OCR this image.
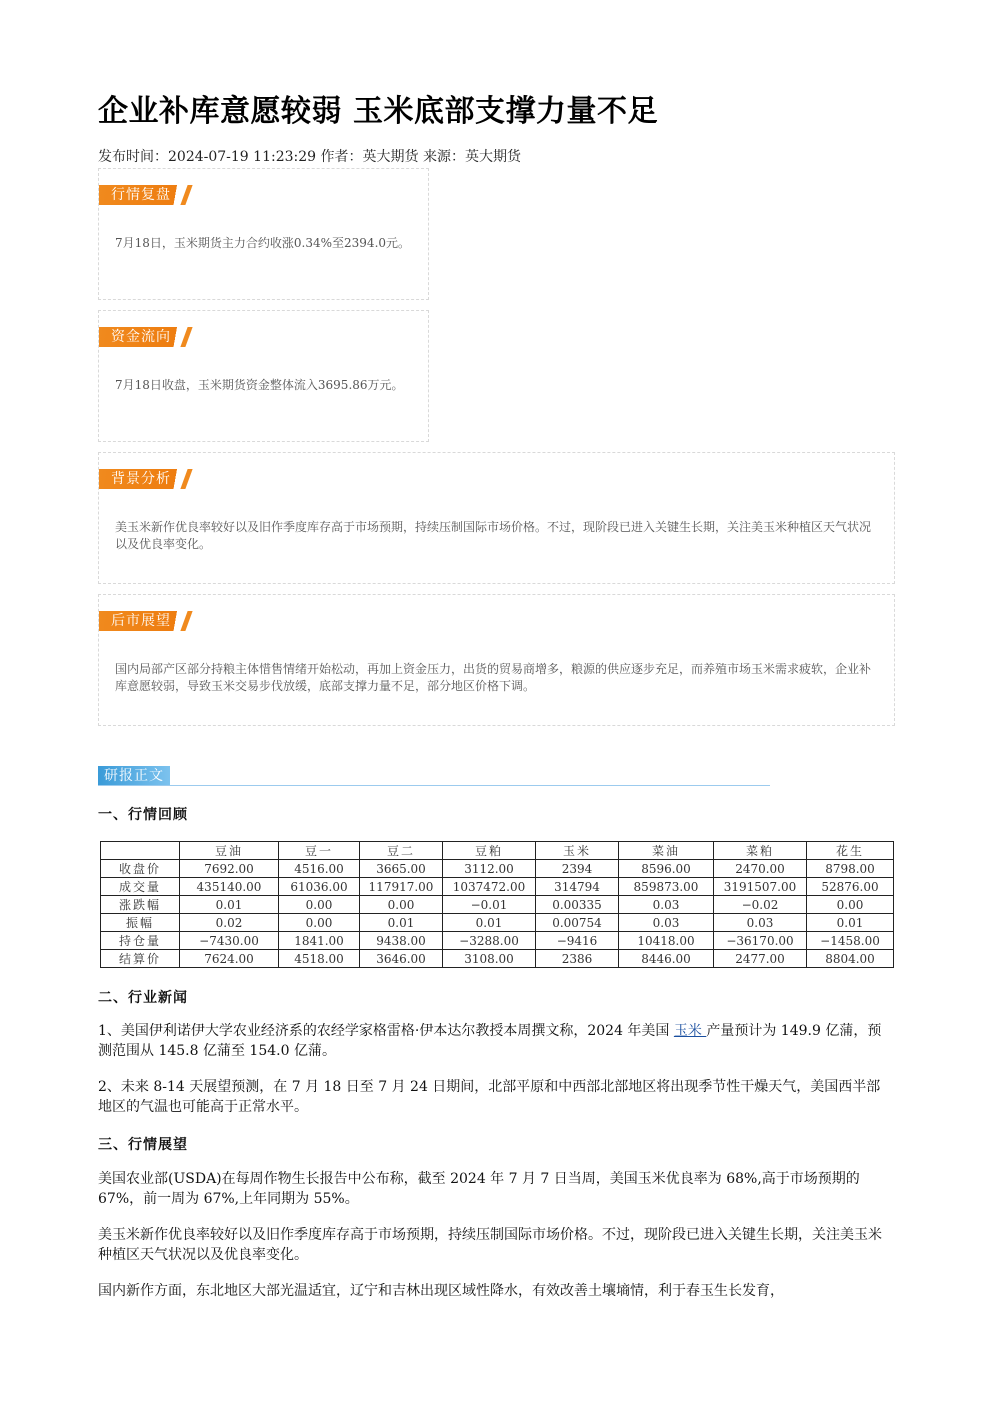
企业补库意愿较弱 玉米底部支撑力量不足
发布时间：2024-07-19 11:23:29 作者：英大期货 来源：英大期货
行情复盘
7月18日，玉米期货主力合约收涨0.34%至2394.0元。
资金流向
7月18日收盘，玉米期货资金整体流入3695.86万元。
背景分析
美玉米新作优良率较好以及旧作季度库存高于市场预期，持续压制国际市场价格。不过，现阶段已进入关键生长期，关注美玉米种植区天气状况以及优良率变化。
后市展望
国内局部产区部分持粮主体惜售情绪开始松动，再加上资金压力，出货的贸易商增多，粮源的供应逐步充足，而养殖市场玉米需求疲软，企业补库意愿较弱，导致玉米交易步伐放缓，底部支撑力量不足，部分地区价格下调。
研报正文
一、行情回顾
	豆油	豆一	豆二	豆粕	玉米	菜油	菜粕	花生
收盘价	7692.00	4516.00	3665.00	3112.00	2394	8596.00	2470.00	8798.00
成交量	435140.00	61036.00	117917.00	1037472.00	314794	859873.00	3191507.00	52876.00
涨跌幅	0.01	0.00	0.00	−0.01	0.00335	0.03	−0.02	0.00
振幅	0.02	0.00	0.01	0.01	0.00754	0.03	0.03	0.01
持仓量	−7430.00	1841.00	9438.00	−3288.00	−9416	10418.00	−36170.00	−1458.00
结算价	7624.00	4518.00	3646.00	3108.00	2386	8446.00	2477.00	8804.00
二、行业新闻
1、美国伊利诺伊大学农业经济系的农经学家格雷格·伊本达尔教授本周撰文称，2024 年美国 玉米 产量预计为 149.9 亿蒲，预测范围从 145.8 亿蒲至 154.0 亿蒲。
2、未来 8-14 天展望预测，在 7 月 18 日至 7 月 24 日期间，北部平原和中西部北部地区将出现季节性干燥天气，美国西半部地区的气温也可能高于正常水平。
三、行情展望
美国农业部(USDA)在每周作物生长报告中公布称，截至 2024 年 7 月 7 日当周，美国玉米优良率为 68%,高于市场预期的 67%，前一周为 67%,上年同期为 55%。
美玉米新作优良率较好以及旧作季度库存高于市场预期，持续压制国际市场价格。不过，现阶段已进入关键生长期，关注美玉米种植区天气状况以及优良率变化。
国内新作方面，东北地区大部光温适宜，辽宁和吉林出现区域性降水，有效改善土壤墒情，利于春玉生长发育，
